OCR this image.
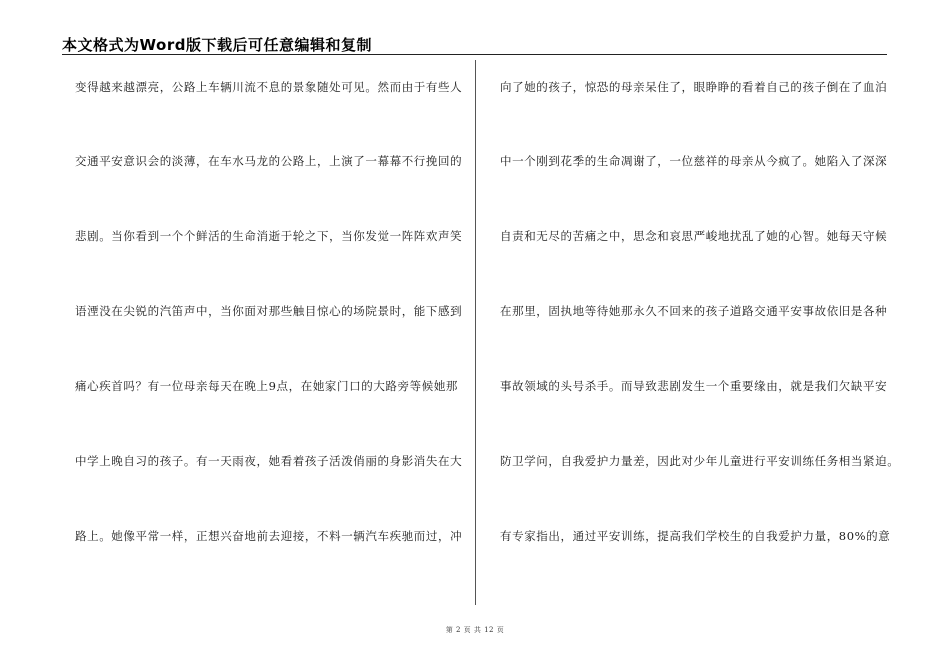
本文格式为Word版下载后可任意编辑和复制
变得越来越漂亮，公路上车辆川流不息的景象随处可见。然而由于有些人
交通平安意识会的淡薄，在车水马龙的公路上，上演了一幕幕不行挽回的
悲剧。当你看到一个个鲜活的生命消逝于轮之下，当你发觉一阵阵欢声笑
语湮没在尖锐的汽笛声中，当你面对那些触目惊心的场院景时，能下感到
痛心疾首吗？有一位母亲每天在晚上9点，在她家门口的大路旁等候她那
中学上晚自习的孩子。有一天雨夜，她看着孩子活泼俏丽的身影消失在大
路上。她像平常一样，正想兴奋地前去迎接，不料一辆汽车疾驰而过，冲
向了她的孩子，惊恐的母亲呆住了，眼睁睁的看着自己的孩子倒在了血泊
中一个刚到花季的生命凋谢了，一位慈祥的母亲从今疯了。她陷入了深深
自责和无尽的苦痛之中，思念和哀思严峻地扰乱了她的心智。她每天守候
在那里，固执地等待她那永久不回来的孩子道路交通平安事故依旧是各种
事故领域的头号杀手。而导致悲剧发生一个重要缘由，就是我们欠缺平安
防卫学问，自我爱护力量差，因此对少年儿童进行平安训练任务相当紧迫。
有专家指出，通过平安训练，提高我们学校生的自我爱护力量，80%的意
第 2 页 共 12 页
